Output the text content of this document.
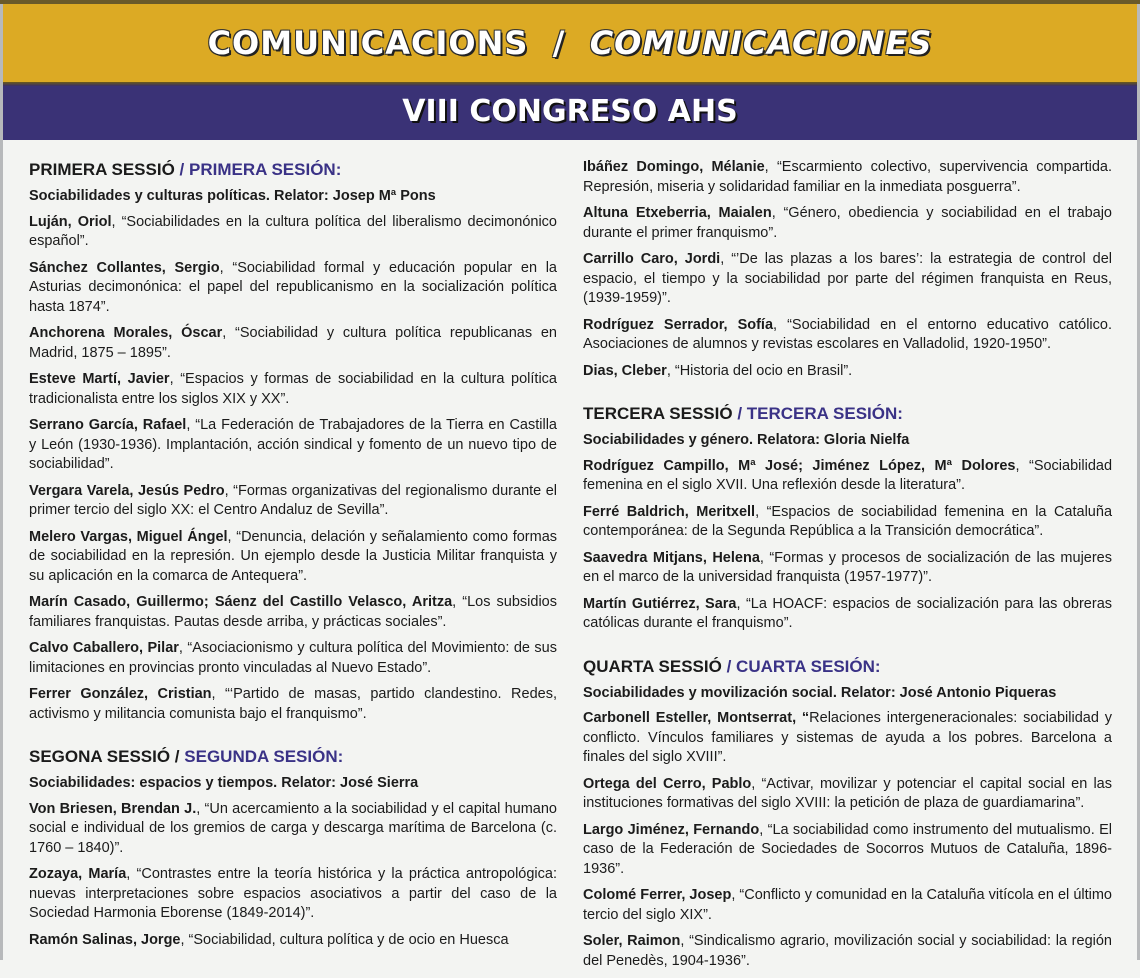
COMUNICACIONS / COMUNICACIONES
VIII CONGRESO AHS
PRIMERA SESSIÓ / PRIMERA SESIÓN:
Sociabilidades y culturas políticas. Relator: Josep Mª Pons
Luján, Oriol, “Sociabilidades en la cultura política del liberalismo decimonónico español”.
Sánchez Collantes, Sergio, “Sociabilidad formal y educación popular en la Asturias decimonónica: el papel del republicanismo en la socialización política hasta 1874”.
Anchorena Morales, Óscar, “Sociabilidad y cultura política republicanas en Madrid, 1875 – 1895”.
Esteve Martí, Javier, “Espacios y formas de sociabilidad en la cultura política tradicionalista entre los siglos XIX y XX”.
Serrano García, Rafael, “La Federación de Trabajadores de la Tierra en Castilla y León (1930-1936). Implantación, acción sindical y fomento de un nuevo tipo de sociabilidad”.
Vergara Varela, Jesús Pedro, “Formas organizativas del regionalismo durante el primer tercio del siglo XX: el Centro Andaluz de Sevilla”.
Melero Vargas, Miguel Ángel, “Denuncia, delación y señalamiento como formas de sociabilidad en la represión. Un ejemplo desde la Justicia Militar franquista y su aplicación en la comarca de Antequera”.
Marín Casado, Guillermo; Sáenz del Castillo Velasco, Aritza, “Los subsidios familiares franquistas. Pautas desde arriba, y prácticas sociales”.
Calvo Caballero, Pilar, “Asociacionismo y cultura política del Movimiento: de sus limitaciones en provincias pronto vinculadas al Nuevo Estado”.
Ferrer González, Cristian, “‘Partido de masas, partido clandestino. Redes, activismo y militancia comunista bajo el franquismo”.
SEGONA SESSIÓ / SEGUNDA SESIÓN:
Sociabilidades: espacios y tiempos. Relator: José Sierra
Von Briesen, Brendan J., “Un acercamiento a la sociabilidad y el capital humano social e individual de los gremios de carga y descarga marítima de Barcelona (c. 1760 – 1840)”.
Zozaya, María, “Contrastes entre la teoría histórica y la práctica antropológica: nuevas interpretaciones sobre espacios asociativos a partir del caso de la Sociedad Harmonia Eborense (1849-2014)”.
Ramón Salinas, Jorge, “Sociabilidad, cultura política y de ocio en Huesca
Ibáñez Domingo, Mélanie, “Escarmiento colectivo, supervivencia compartida. Represión, miseria y solidaridad familiar en la inmediata posguerra”.
Altuna Etxeberria, Maialen, “Género, obediencia y sociabilidad en el trabajo durante el primer franquismo”.
Carrillo Caro, Jordi, “’De las plazas a los bares’: la estrategia de control del espacio, el tiempo y la sociabilidad por parte del régimen franquista en Reus, (1939-1959)”.
Rodríguez Serrador, Sofía, “Sociabilidad en el entorno educativo católico. Asociaciones de alumnos y revistas escolares en Valladolid, 1920-1950”.
Dias, Cleber, “Historia del ocio en Brasil”.
TERCERA SESSIÓ / TERCERA SESIÓN:
Sociabilidades y género. Relatora: Gloria Nielfa
Rodríguez Campillo, Mª José; Jiménez López, Mª Dolores, “Sociabilidad femenina en el siglo XVII. Una reflexión desde la literatura”.
Ferré Baldrich, Meritxell, “Espacios de sociabilidad femenina en la Cataluña contemporánea: de la Segunda República a la Transición democrática”.
Saavedra Mitjans, Helena, “Formas y procesos de socialización de las mujeres en el marco de la universidad franquista (1957-1977)”.
Martín Gutiérrez, Sara, “La HOACF: espacios de socialización para las obreras católicas durante el franquismo”.
QUARTA SESSIÓ / CUARTA SESIÓN:
Sociabilidades y movilización social. Relator: José Antonio Piqueras
Carbonell Esteller, Montserrat, “Relaciones intergeneracionales: sociabilidad y conflicto. Vínculos familiares y sistemas de ayuda a los pobres. Barcelona a finales del siglo XVIII”.
Ortega del Cerro, Pablo, “Activar, movilizar y potenciar el capital social en las instituciones formativas del siglo XVIII: la petición de plaza de guardiamarina”.
Largo Jiménez, Fernando, “La sociabilidad como instrumento del mutualismo. El caso de la Federación de Sociedades de Socorros Mutuos de Cataluña, 1896-1936”.
Colomé Ferrer, Josep, “Conflicto y comunidad en la Cataluña vitícola en el último tercio del siglo XIX”.
Soler, Raimon, “Sindicalismo agrario, movilización social y sociabilidad: la región del Penedès, 1904-1936”.
